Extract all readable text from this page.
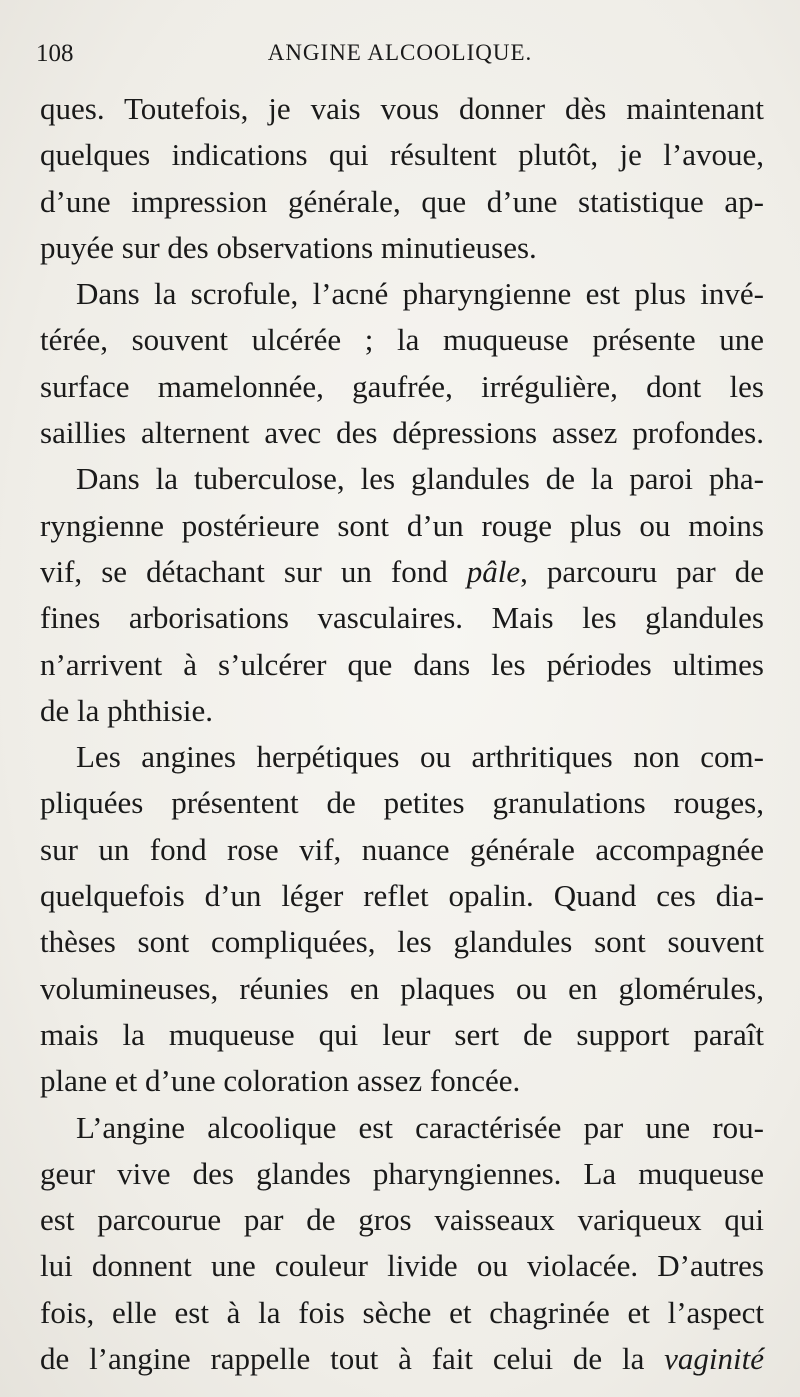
108	ANGINE ALCOOLIQUE.
ques. Toutefois, je vais vous donner dès maintenant
quelques indications qui résultent plutôt, je l’avoue,
d’une impression générale, que d’une statistique ap-
puyée sur des observations minutieuses.
Dans la scrofule, l’acné pharyngienne est plus invé-
térée, souvent ulcérée ; la muqueuse présente une
surface mamelonnée, gaufrée, irrégulière, dont les
saillies alternent avec des dépressions assez profondes.
Dans la tuberculose, les glandules de la paroi pha-
ryngienne postérieure sont d’un rouge plus ou moins
vif, se détachant sur un fond pâle, parcouru par de
fines arborisations vasculaires. Mais les glandules
n’arrivent à s’ulcérer que dans les périodes ultimes
de la phthisie.
Les angines herpétiques ou arthritiques non com-
pliquées présentent de petites granulations rouges,
sur un fond rose vif, nuance générale accompagnée
quelquefois d’un léger reflet opalin. Quand ces dia-
thèses sont compliquées, les glandules sont souvent
volumineuses, réunies en plaques ou en glomérules,
mais la muqueuse qui leur sert de support paraît
plane et d’une coloration assez foncée.
L’angine alcoolique est caractérisée par une rou-
geur vive des glandes pharyngiennes. La muqueuse
est parcourue par de gros vaisseaux variqueux qui
lui donnent une couleur livide ou violacée. D’autres
fois, elle est à la fois sèche et chagrinée et l’aspect
de l’angine rappelle tout à fait celui de la vaginité
